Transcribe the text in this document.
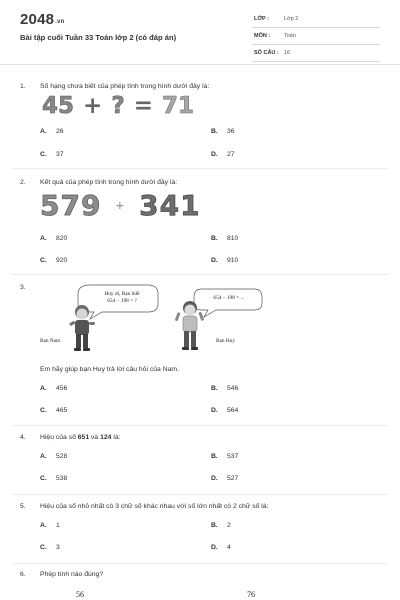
2048.vn
Bài tập cuối Tuần 33 Toán lớp 2 (có đáp án)
LỚP :	Lớp 2
MÔN :	Toán
SỐ CÂU : 16
1. Số hạng chưa biết của phép tính trong hình dưới đây là:
45 + ? = 71
A. 26	B. 36
C. 37	D. 27
2. Kết quả của phép tính trong hình dưới đây là:
579 + 341
A. 820	B. 810
C. 920	D. 910
3.
Huy ơi, Bạn biết
654 − 198 = ?	654 − 198 = ...
Bạn Nam	Bạn Huy
Em hãy giúp bạn Huy trả lời câu hỏi của Nam.
A. 456	B. 546
C. 465	D. 564
4. Hiệu của số 651 và 124 là:
A. 528	B. 537
C. 538	D. 527
5. Hiệu của số nhỏ nhất có 3 chữ số khác nhau với số lớn nhất có 2 chữ số là:
A. 1	B. 2
C. 3	D. 4
6. Phép tính nào đúng?
56	76
